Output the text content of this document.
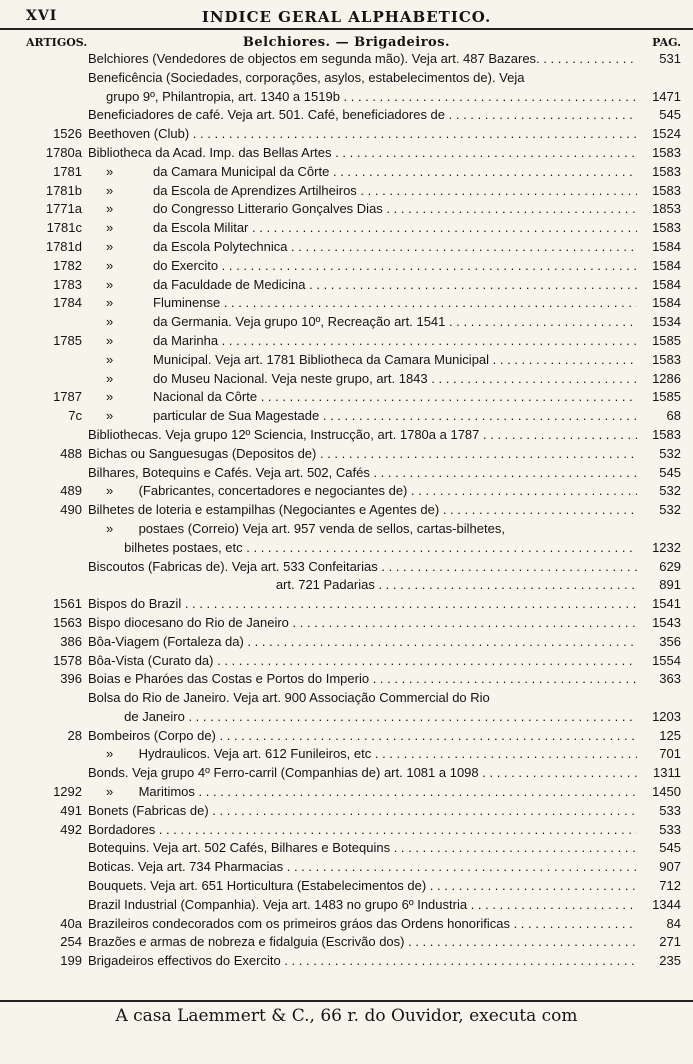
XVI	INDICE GERAL ALPHABETICO.
ARTIGOS.	Belchiores. — Brigadeiros.	PAG.
Belchiores (Vendedores de objectos em segunda mão). Veja art. 487 Bazares. . . .	531
Beneficência (Sociedades, corporações, asylos, estabelecimentos de). Veja
grupo 9º, Philantropia, art. 1340 a 1519b . . .	1471
Beneficiadores de café. Veja art. 501. Café, beneficiadores de . . .	545
1526 Beethoven (Club) . . .	1524
1780a Bibliotheca da Acad. Imp. das Bellas Artes . . .	1583
1781 »           da Camara Municipal da Côrte . . .	1583
1781b »           da Escola de Aprendizes Artilheiros . . .	1583
1771a »           do Congresso Litterario Gonçalves Dias . . .	1853
1781c »           da Escola Militar . . .	1583
1781d »           da Escola Polytechnica . . .	1584
1782 »           do Exercito . . .	1584
1783 »           da Faculdade de Medicina . . .	1584
1784 »           Fluminense . . .	1584
»           da Germania. Veja grupo 10º, Recreação art. 1541 . . .	1534
1785 »           da Marinha . . .	1585
»           Municipal. Veja art. 1781 Bibliotheca da Camara Municipal . . .	1583
»           do Museu Nacional. Veja neste grupo, art. 1843 . . .	1286
1787 »           Nacional da Côrte . . .	1585
7c »           particular de Sua Magestade . . .	68
Bibliothecas. Veja grupo 12º Sciencia, Instrucção, art. 1780a a 1787 . . .	1583
488 Bichas ou Sanguesugas (Depositos de) . . .	532
Bilhares, Botequins e Cafés. Veja art. 502, Cafés . . .	545
489 »       (Fabricantes, concertadores e negociantes de) . . .	532
490 Bilhetes de loteria e estampilhas (Negociantes e Agentes de) . . .	532
»       postaes (Correio) Veja art. 957 venda de sellos, cartas-bilhetes,
bilhetes postaes, etc . . .	1232
Biscoutos (Fabricas de). Veja art. 533 Confeitarias . . .	629
art. 721 Padarias . . .	891
1561 Bispos do Brazil . . .	1541
1563 Bispo diocesano do Rio de Janeiro . . .	1543
386 Bôa-Viagem (Fortaleza da) . . .	356
1578 Bôa-Vista (Curato da) . . .	1554
396 Boias e Pharóes das Costas e Portos do Imperio . . .	363
Bolsa do Rio de Janeiro. Veja art. 900 Associação Commercial do Rio
de Janeiro . . .	1203
28 Bombeiros (Corpo de) . . .	125
»       Hydraulicos. Veja art. 612 Funileiros, etc . . .	701
Bonds. Veja grupo 4º Ferro-carril (Companhias de) art. 1081 a 1098 . . .	1311
1292 »       Maritimos . . .	1450
491 Bonets (Fabricas de) . . .	533
492 Bordadores . . .	533
Botequins. Veja art. 502 Cafés, Bilhares e Botequins . . .	545
Boticas. Veja art. 734 Pharmacias . . .	907
Bouquets. Veja art. 651 Horticultura (Estabelecimentos de) . . .	712
Brazil Industrial (Companhia). Veja art. 1483 no grupo 6º Industria . . .	1344
40a Brazileiros condecorados com os primeiros gráos das Ordens honorificas . . .	84
254 Brazões e armas de nobreza e fidalguia (Escrivão dos) . . .	271
199 Brigadeiros effectivos do Exercito . . .	235
A casa Laemmert & C., 66 r. do Ouvidor, executa com
